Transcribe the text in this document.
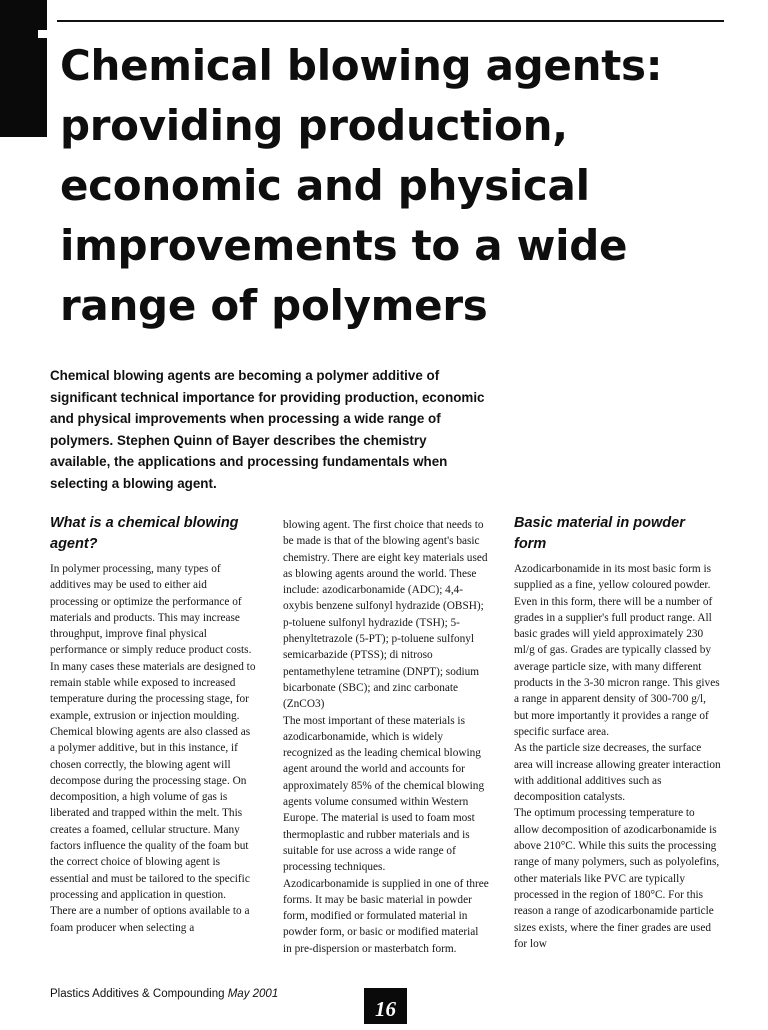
Chemical blowing agents: providing production, economic and physical improvements to a wide range of polymers

Chemical blowing agents are becoming a polymer additive of significant technical importance for providing production, economic and physical improvements when processing a wide range of polymers. Stephen Quinn of Bayer describes the chemistry available, the applications and processing fundamentals when selecting a blowing agent.

What is a chemical blowing agent?

In polymer processing, many types of additives may be used to either aid processing or optimize the performance of materials and products. This may increase throughput, improve final physical performance or simply reduce product costs. In many cases these materials are designed to remain stable while exposed to increased temperature during the processing stage, for example, extrusion or injection moulding.
Chemical blowing agents are also classed as a polymer additive, but in this instance, if chosen correctly, the blowing agent will decompose during the processing stage. On decomposition, a high volume of gas is liberated and trapped within the melt. This creates a foamed, cellular structure. Many factors influence the quality of the foam but the correct choice of blowing agent is essential and must be tailored to the specific processing and application in question.
There are a number of options available to a foam producer when selecting a

blowing agent. The first choice that needs to be made is that of the blowing agent's basic chemistry. There are eight key materials used as blowing agents around the world. These include: azodicarbonamide (ADC); 4,4-oxybis benzene sulfonyl hydrazide (OBSH); p-toluene sulfonyl hydrazide (TSH); 5-phenyltetrazole (5-PT); p-toluene sulfonyl semicarbazide (PTSS); di nitroso pentamethylene tetramine (DNPT); sodium bicarbonate (SBC); and zinc carbonate (ZnCO3)
The most important of these materials is azodicarbonamide, which is widely recognized as the leading chemical blowing agent around the world and accounts for approximately 85% of the chemical blowing agents volume consumed within Western Europe. The material is used to foam most thermoplastic and rubber materials and is suitable for use across a wide range of processing techniques.
Azodicarbonamide is supplied in one of three forms. It may be basic material in powder form, modified or formulated material in powder form, or basic or modified material in pre-dispersion or masterbatch form.

Basic material in powder form

Azodicarbonamide in its most basic form is supplied as a fine, yellow coloured powder. Even in this form, there will be a number of grades in a supplier's full product range. All basic grades will yield approximately 230 ml/g of gas. Grades are typically classed by average particle size, with many different products in the 3-30 micron range. This gives a range in apparent density of 300-700 g/l, but more importantly it provides a range of specific surface area.
As the particle size decreases, the surface area will increase allowing greater interaction with additional additives such as decomposition catalysts.
The optimum processing temperature to allow decomposition of azodicarbonamide is above 210°C. While this suits the processing range of many polymers, such as polyolefins, other materials like PVC are typically processed in the region of 180°C. For this reason a range of azodicarbonamide particle sizes exists, where the finer grades are used for low

Plastics Additives & Compounding May 2001

16
